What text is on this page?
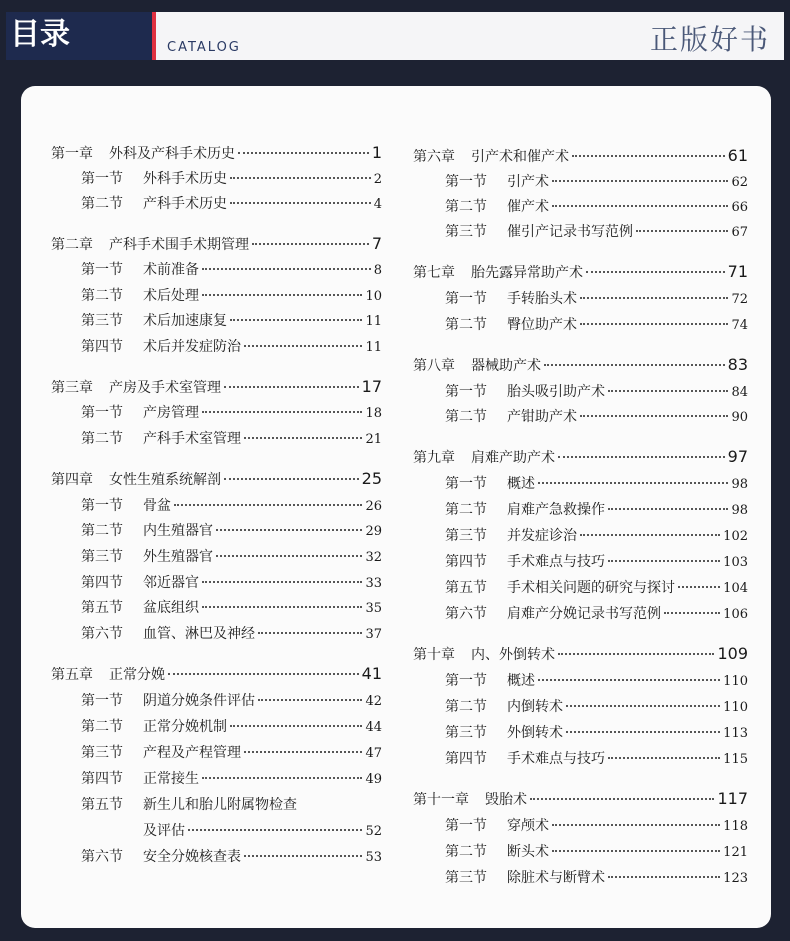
目录	CATALOG	正版好书
第一章	外科及产科手术历史	1
第一节	外科手术历史	2
第二节	产科手术历史	4
第二章	产科手术围手术期管理	7
第一节	术前准备	8
第二节	术后处理	10
第三节	术后加速康复	11
第四节	术后并发症防治	11
第三章	产房及手术室管理	17
第一节	产房管理	18
第二节	产科手术室管理	21
第四章	女性生殖系统解剖	25
第一节	骨盆	26
第二节	内生殖器官	29
第三节	外生殖器官	32
第四节	邻近器官	33
第五节	盆底组织	35
第六节	血管、淋巴及神经	37
第五章	正常分娩	41
第一节	阴道分娩条件评估	42
第二节	正常分娩机制	44
第三节	产程及产程管理	47
第四节	正常接生	49
第五节	新生儿和胎儿附属物检查
及评估	52
第六节	安全分娩核查表	53
第六章	引产术和催产术	61
第一节	引产术	62
第二节	催产术	66
第三节	催引产记录书写范例	67
第七章	胎先露异常助产术	71
第一节	手转胎头术	72
第二节	臀位助产术	74
第八章	器械助产术	83
第一节	胎头吸引助产术	84
第二节	产钳助产术	90
第九章	肩难产助产术	97
第一节	概述	98
第二节	肩难产急救操作	98
第三节	并发症诊治	102
第四节	手术难点与技巧	103
第五节	手术相关问题的研究与探讨	104
第六节	肩难产分娩记录书写范例	106
第十章	内、外倒转术	109
第一节	概述	110
第二节	内倒转术	110
第三节	外倒转术	113
第四节	手术难点与技巧	115
第十一章	毁胎术	117
第一节	穿颅术	118
第二节	断头术	121
第三节	除脏术与断臂术	123
